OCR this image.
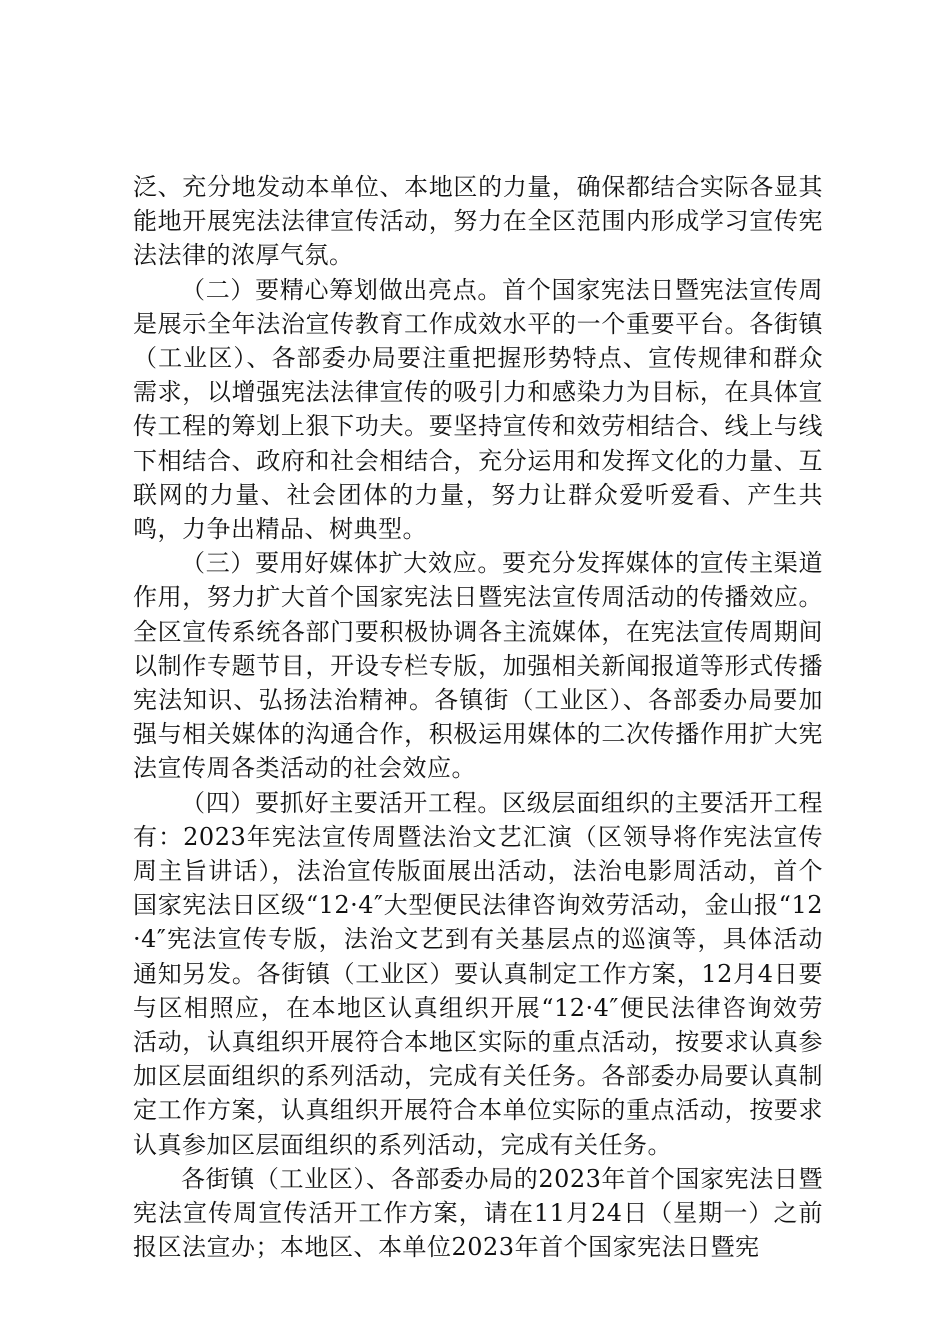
泛、充分地发动本单位、本地区的力量，确保都结合实际各显其能地开展宪法法律宣传活动，努力在全区范围内形成学习宣传宪法法律的浓厚气氛。

（二）要精心筹划做出亮点。首个国家宪法日暨宪法宣传周是展示全年法治宣传教育工作成效水平的一个重要平台。各街镇（工业区）、各部委办局要注重把握形势特点、宣传规律和群众需求，以增强宪法法律宣传的吸引力和感染力为目标，在具体宣传工程的筹划上狠下功夫。要坚持宣传和效劳相结合、线上与线下相结合、政府和社会相结合，充分运用和发挥文化的力量、互联网的力量、社会团体的力量，努力让群众爱听爱看、产生共鸣，力争出精品、树典型。

（三）要用好媒体扩大效应。要充分发挥媒体的宣传主渠道作用，努力扩大首个国家宪法日暨宪法宣传周活动的传播效应。全区宣传系统各部门要积极协调各主流媒体，在宪法宣传周期间以制作专题节目，开设专栏专版，加强相关新闻报道等形式传播宪法知识、弘扬法治精神。各镇街（工业区）、各部委办局要加强与相关媒体的沟通合作，积极运用媒体的二次传播作用扩大宪法宣传周各类活动的社会效应。

（四）要抓好主要活开工程。区级层面组织的主要活开工程有：2023年宪法宣传周暨法治文艺汇演（区领导将作宪法宣传周主旨讲话），法治宣传版面展出活动，法治电影周活动，首个国家宪法日区级“12·4″大型便民法律咨询效劳活动，金山报“12·4″宪法宣传专版，法治文艺到有关基层点的巡演等，具体活动通知另发。各街镇（工业区）要认真制定工作方案，12月4日要与区相照应，在本地区认真组织开展“12·4″便民法律咨询效劳活动，认真组织开展符合本地区实际的重点活动，按要求认真参加区层面组织的系列活动，完成有关任务。各部委办局要认真制定工作方案，认真组织开展符合本单位实际的重点活动，按要求认真参加区层面组织的系列活动，完成有关任务。

各街镇（工业区）、各部委办局的2023年首个国家宪法日暨宪法宣传周宣传活开工作方案，请在11月24日（星期一）之前报区法宣办；本地区、本单位2023年首个国家宪法日暨宪
